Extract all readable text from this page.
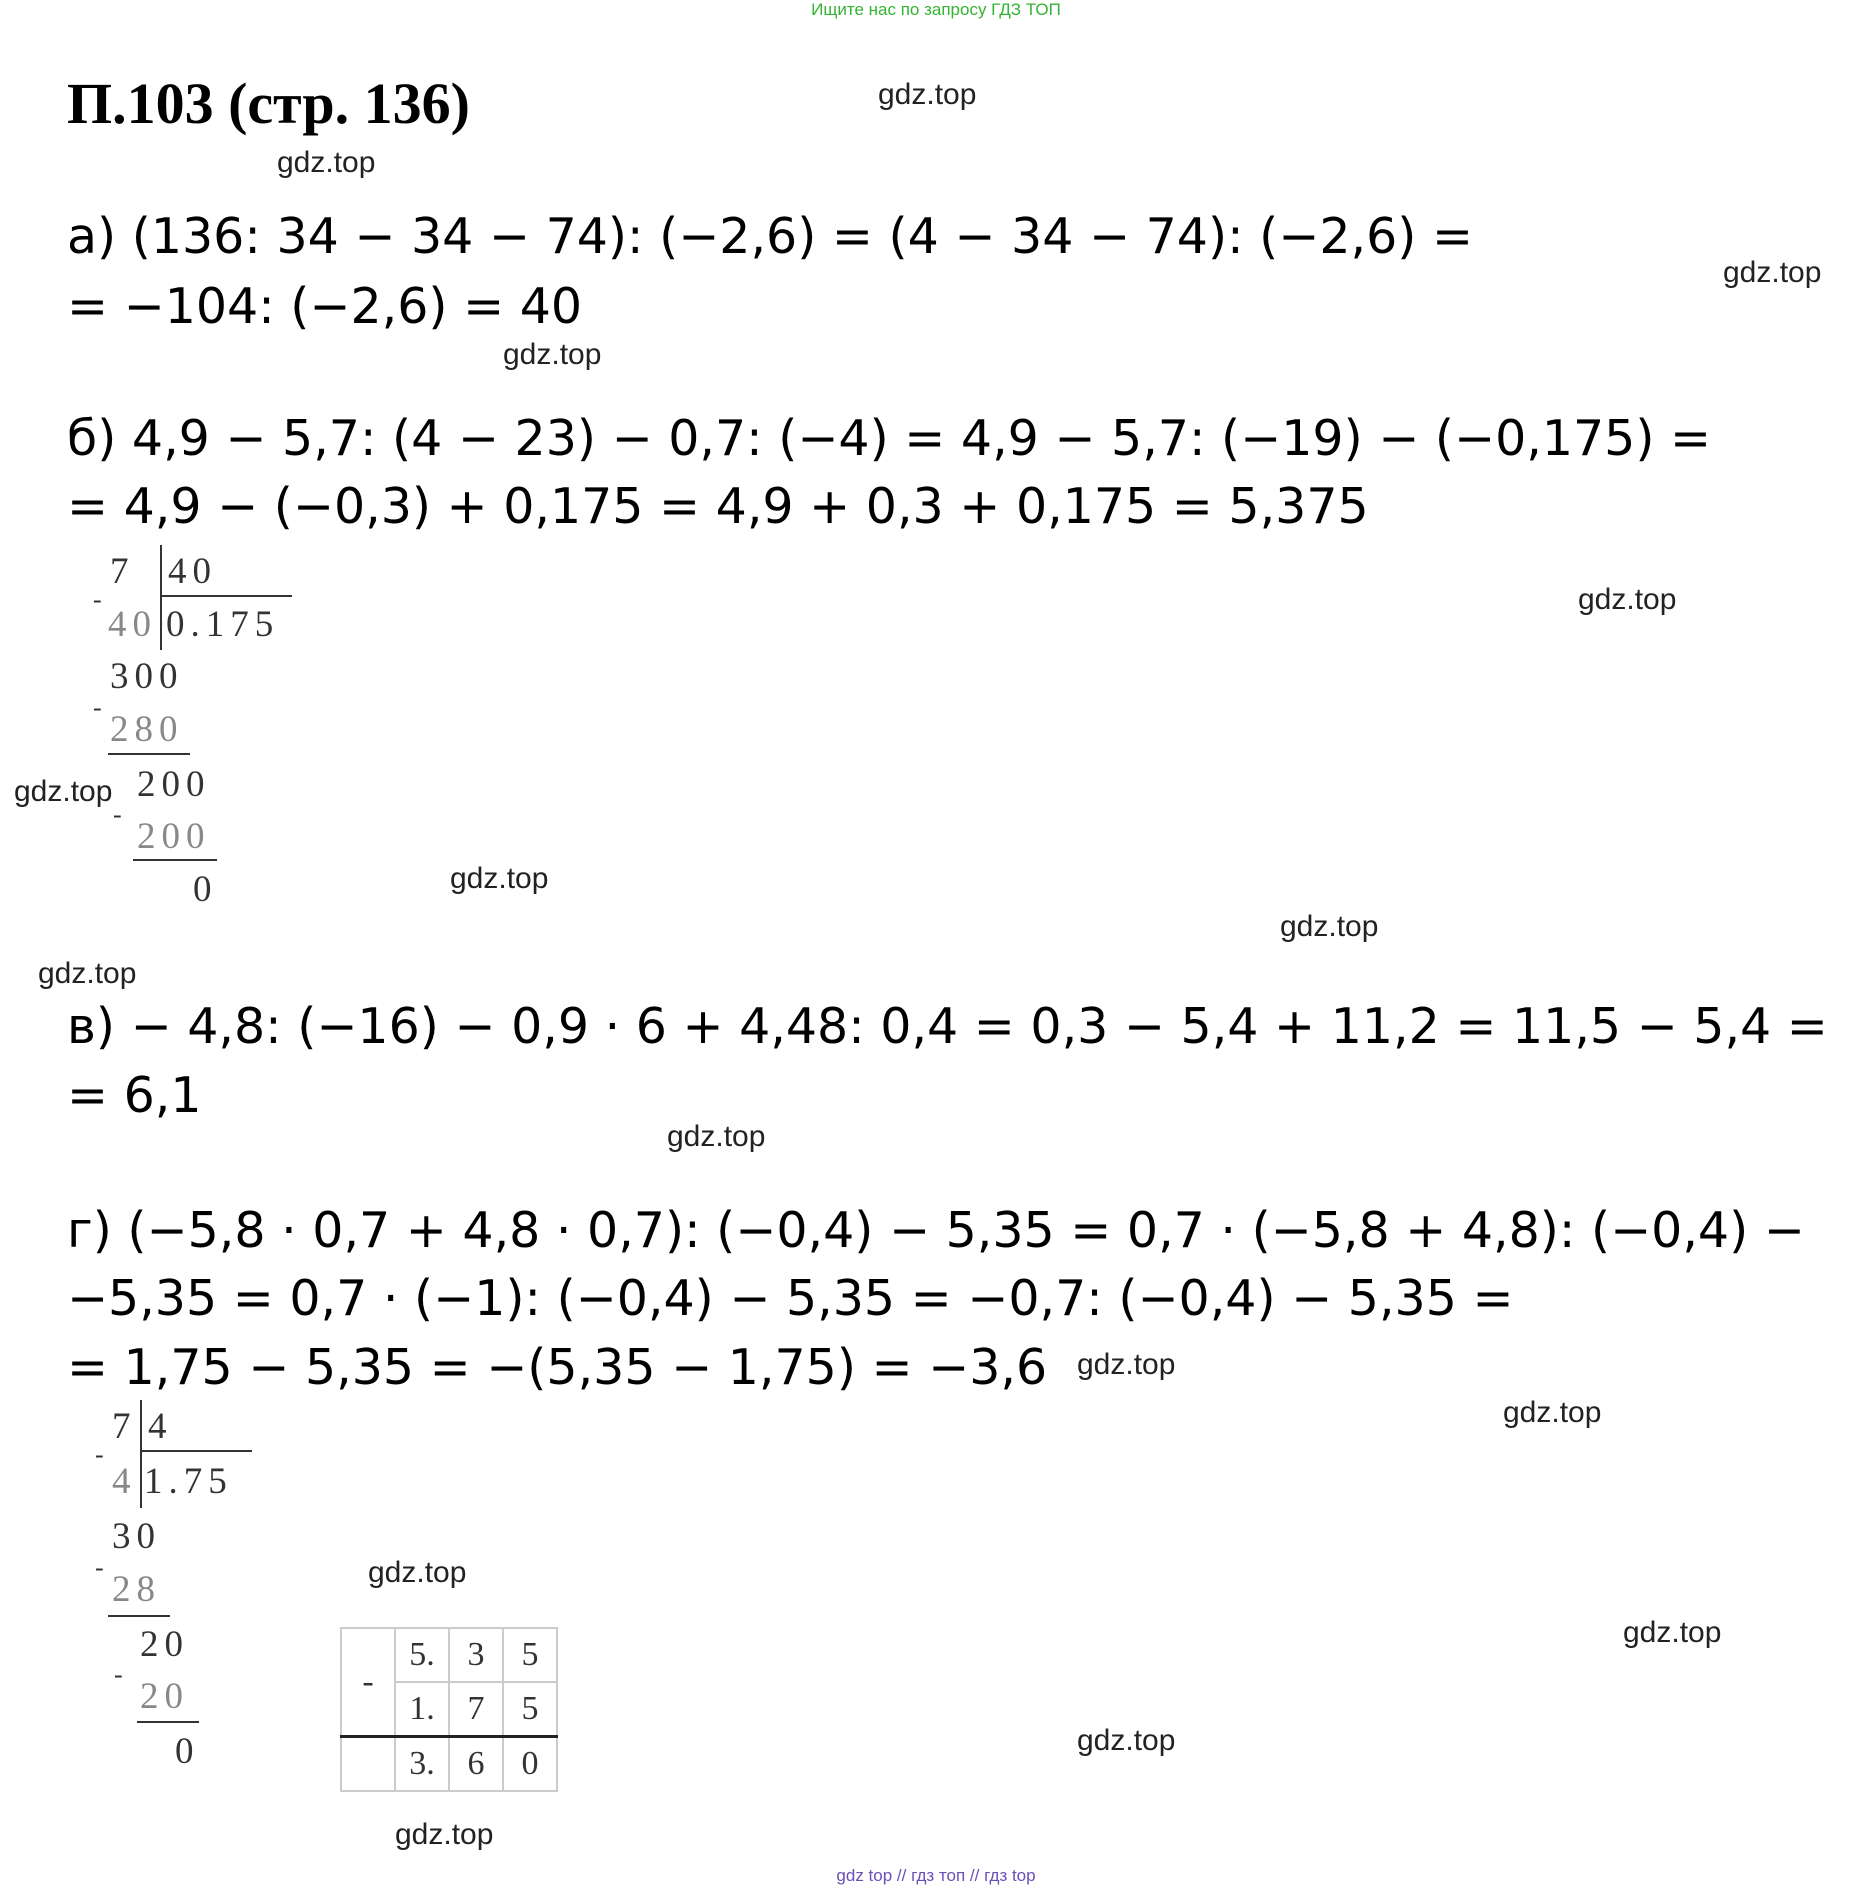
Ищите нас по запросу ГДЗ ТОП
П.103 (стр. 136)	gdz.top
gdz.top
gdz.top
gdz.top
gdz.top
gdz.top
gdz.top
gdz.top
gdz.top
gdz.top
gdz.top
gdz.top
gdz.top
gdz.top
gdz.top
gdz.top
а) (136: 34 − 34 − 74): (−2,6) = (4 − 34 − 74): (−2,6) =
= −104: (−2,6) = 40
б) 4,9 − 5,7: (4 − 23) − 0,7: (−4) = 4,9 − 5,7: (−19) − (−0,175) =
= 4,9 − (−0,3) + 0,175 = 4,9 + 0,3 + 0,175 = 5,375
в) − 4,8: (−16) − 0,9 · 6 + 4,48: 0,4 = 0,3 − 5,4 + 11,2 = 11,5 − 5,4 =
= 6,1
г) (−5,8 · 0,7 + 4,8 · 0,7): (−0,4) − 5,35 = 0,7 · (−5,8 + 4,8): (−0,4) −
−5,35 = 0,7 · (−1): (−0,4) − 5,35 = −0,7: (−0,4) − 5,35 =
= 1,75 − 5,35 = −(5,35 − 1,75) = −3,6
7 40
-
40 0.175
300
-
280
200
-
200
0
7 4
-
4 1.75
30
-
28
20
-
20
0
-	5.	3	5
	1.	7	5
	3.	6	0
gdz top // гдз топ // гдз top
